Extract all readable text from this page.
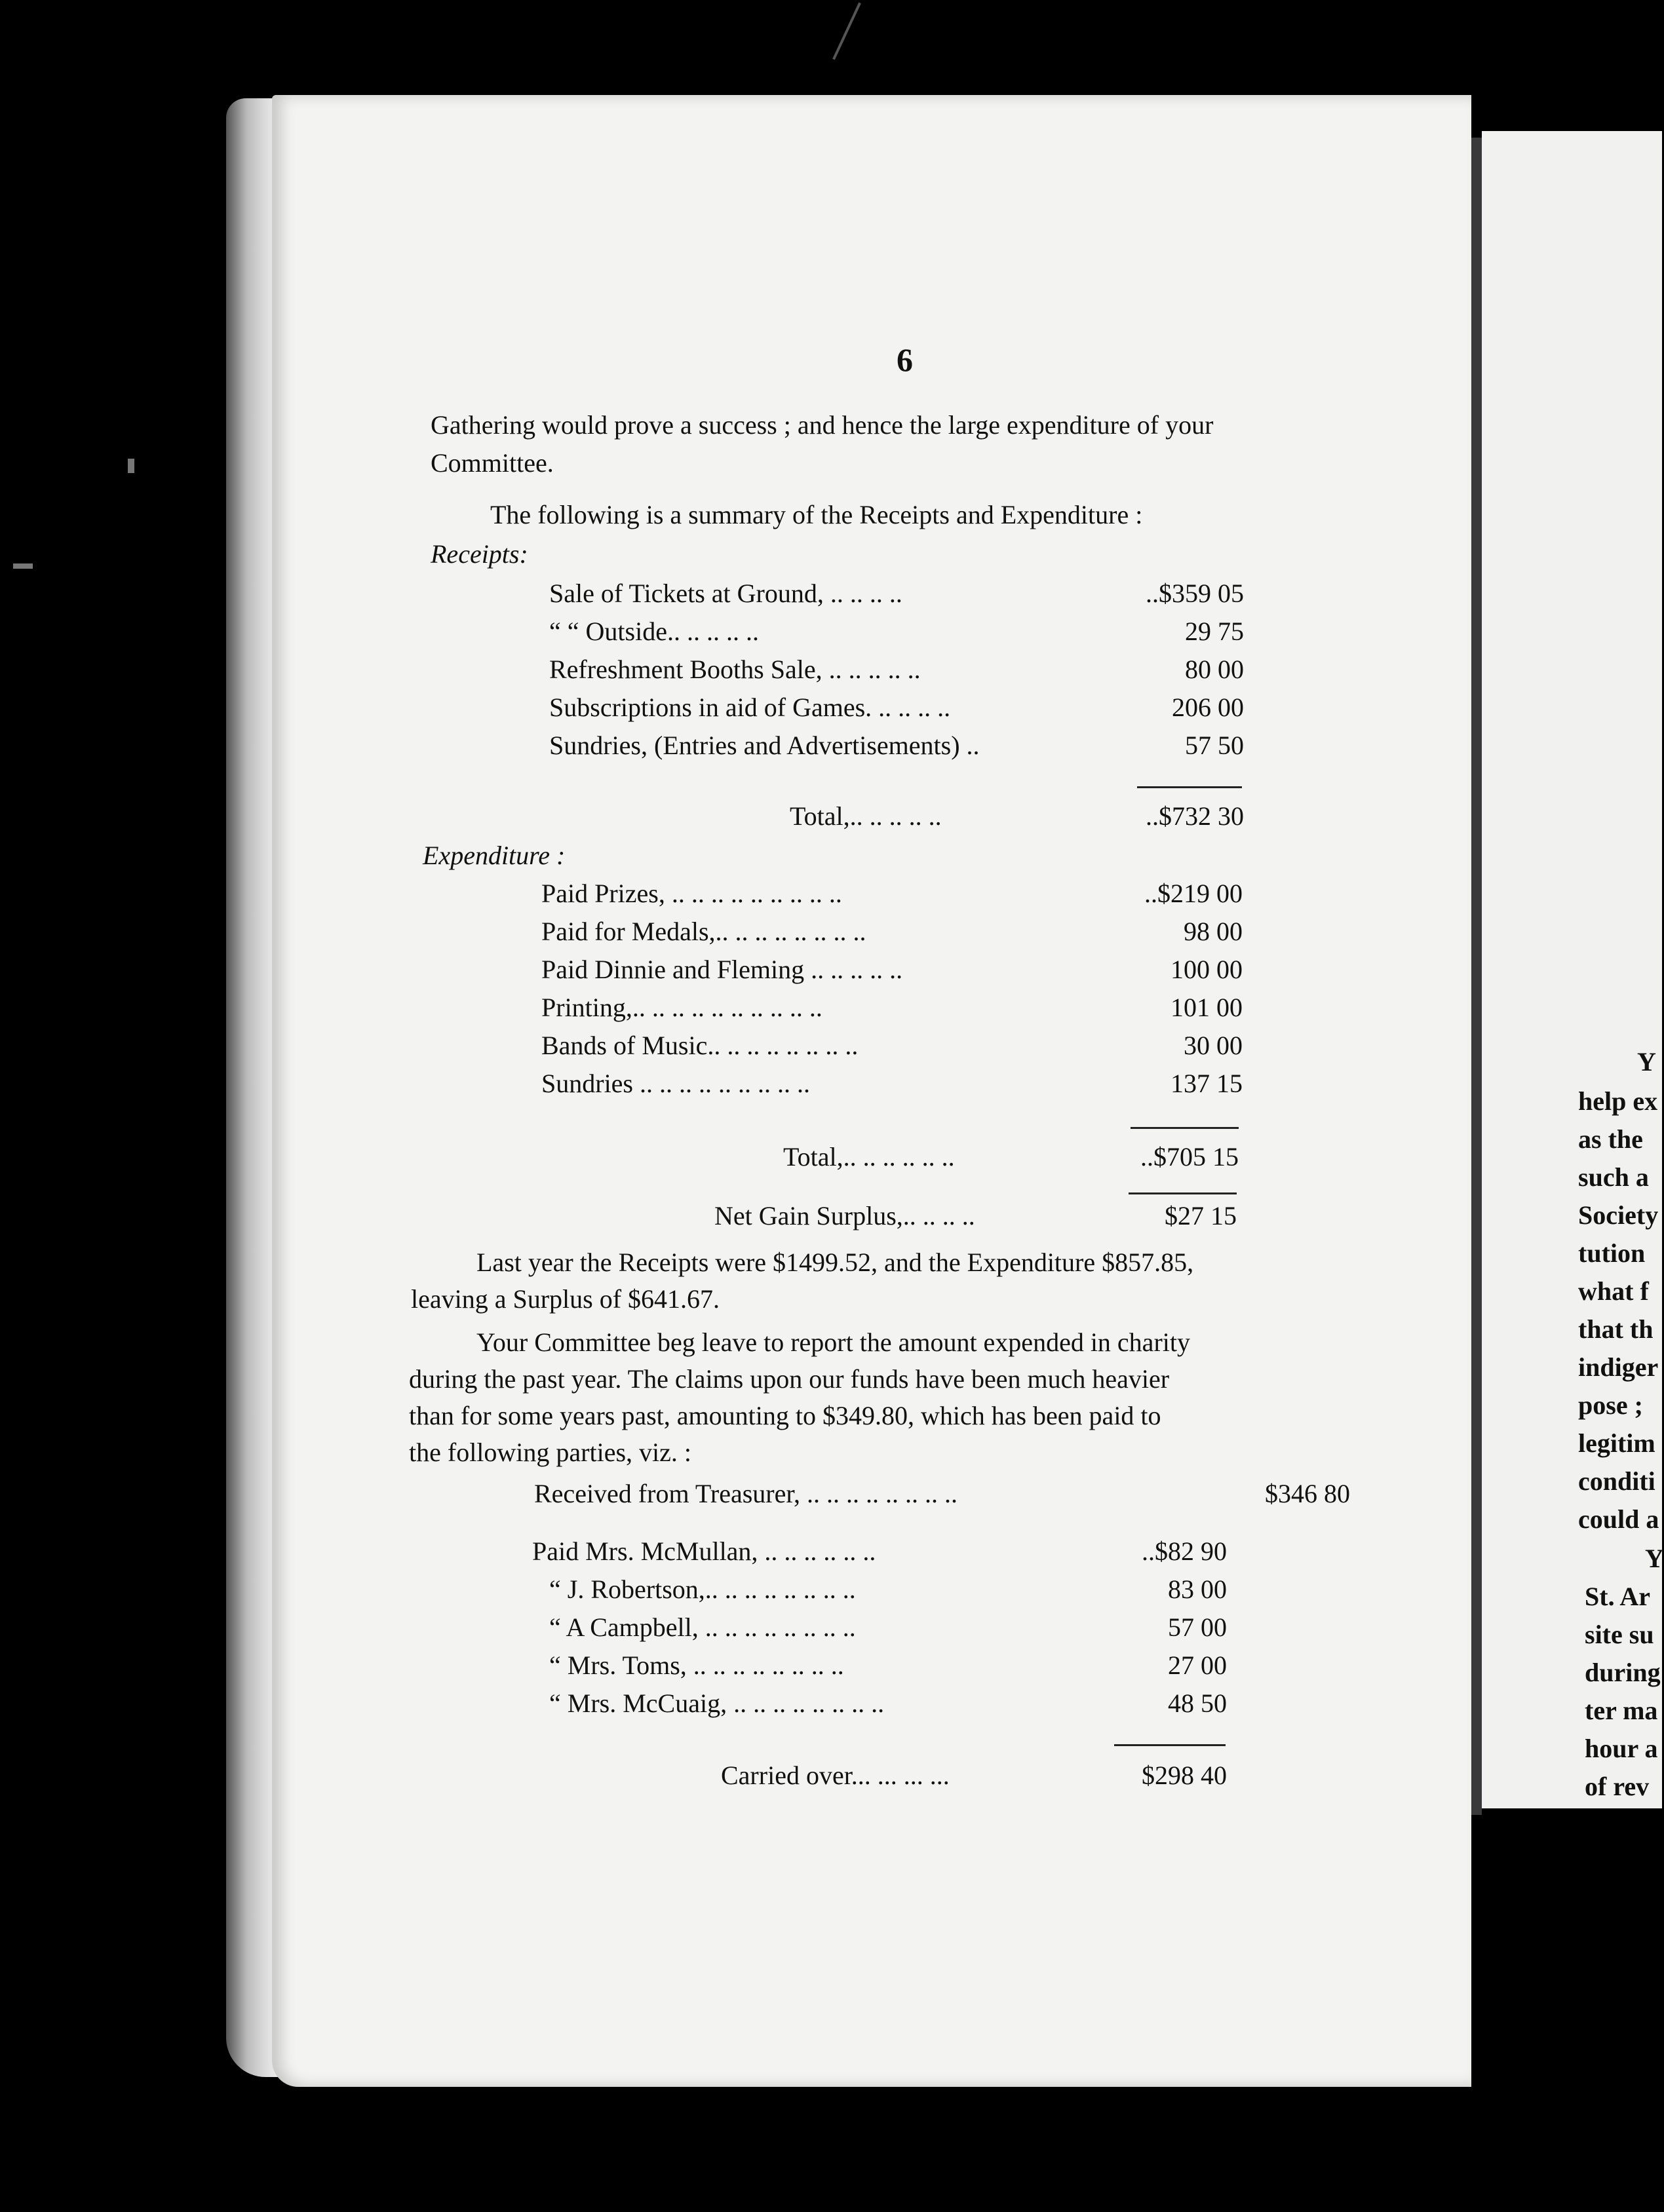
6
Gathering would prove a success ; and hence the large expenditure of your
Committee.
The following is a summary of the Receipts and Expenditure :
Receipts:
Sale of Tickets at Ground, .. .. .. ..	..$359 05
“ “ Outside.. .. .. .. ..	29 75
Refreshment Booths Sale, .. .. .. .. ..	80 00
Subscriptions in aid of Games. .. .. .. ..	206 00
Sundries, (Entries and Advertisements) ..	57 50
Total,.. .. .. .. ..	..$732 30
Expenditure :
Paid Prizes, .. .. .. .. .. .. .. .. ..	..$219 00
Paid for Medals,.. .. .. .. .. .. .. ..	98 00
Paid Dinnie and Fleming .. .. .. .. ..	100 00
Printing,.. .. .. .. .. .. .. .. .. ..	101 00
Bands of Music.. .. .. .. .. .. .. ..	30 00
Sundries .. .. .. .. .. .. .. .. ..	137 15
Total,.. .. .. .. .. ..	..$705 15
Net Gain Surplus,.. .. .. ..	$27 15
Last year the Receipts were $1499.52, and the Expenditure $857.85,
leaving a Surplus of $641.67.
Your Committee beg leave to report the amount expended in charity
during the past year. The claims upon our funds have been much heavier
than for some years past, amounting to $349.80, which has been paid to
the following parties, viz. :
Received from Treasurer, .. .. .. .. .. .. .. ..	$346 80
Paid Mrs. McMullan, .. .. .. .. .. ..	..$82 90
“ J. Robertson,.. .. .. .. .. .. .. ..	83 00
“ A Campbell, .. .. .. .. .. .. .. ..	57 00
“ Mrs. Toms, .. .. .. .. .. .. .. ..	27 00
“ Mrs. McCuaig, .. .. .. .. .. .. .. ..	48 50
Carried over... ... ... ...	$298 40
Y
help ex
as the
such a
Society
tution
what f
that th
indiger
pose ;
legitim
conditi
could a
Y
St. Ar
site su
during
ter ma
hour a
of rev
